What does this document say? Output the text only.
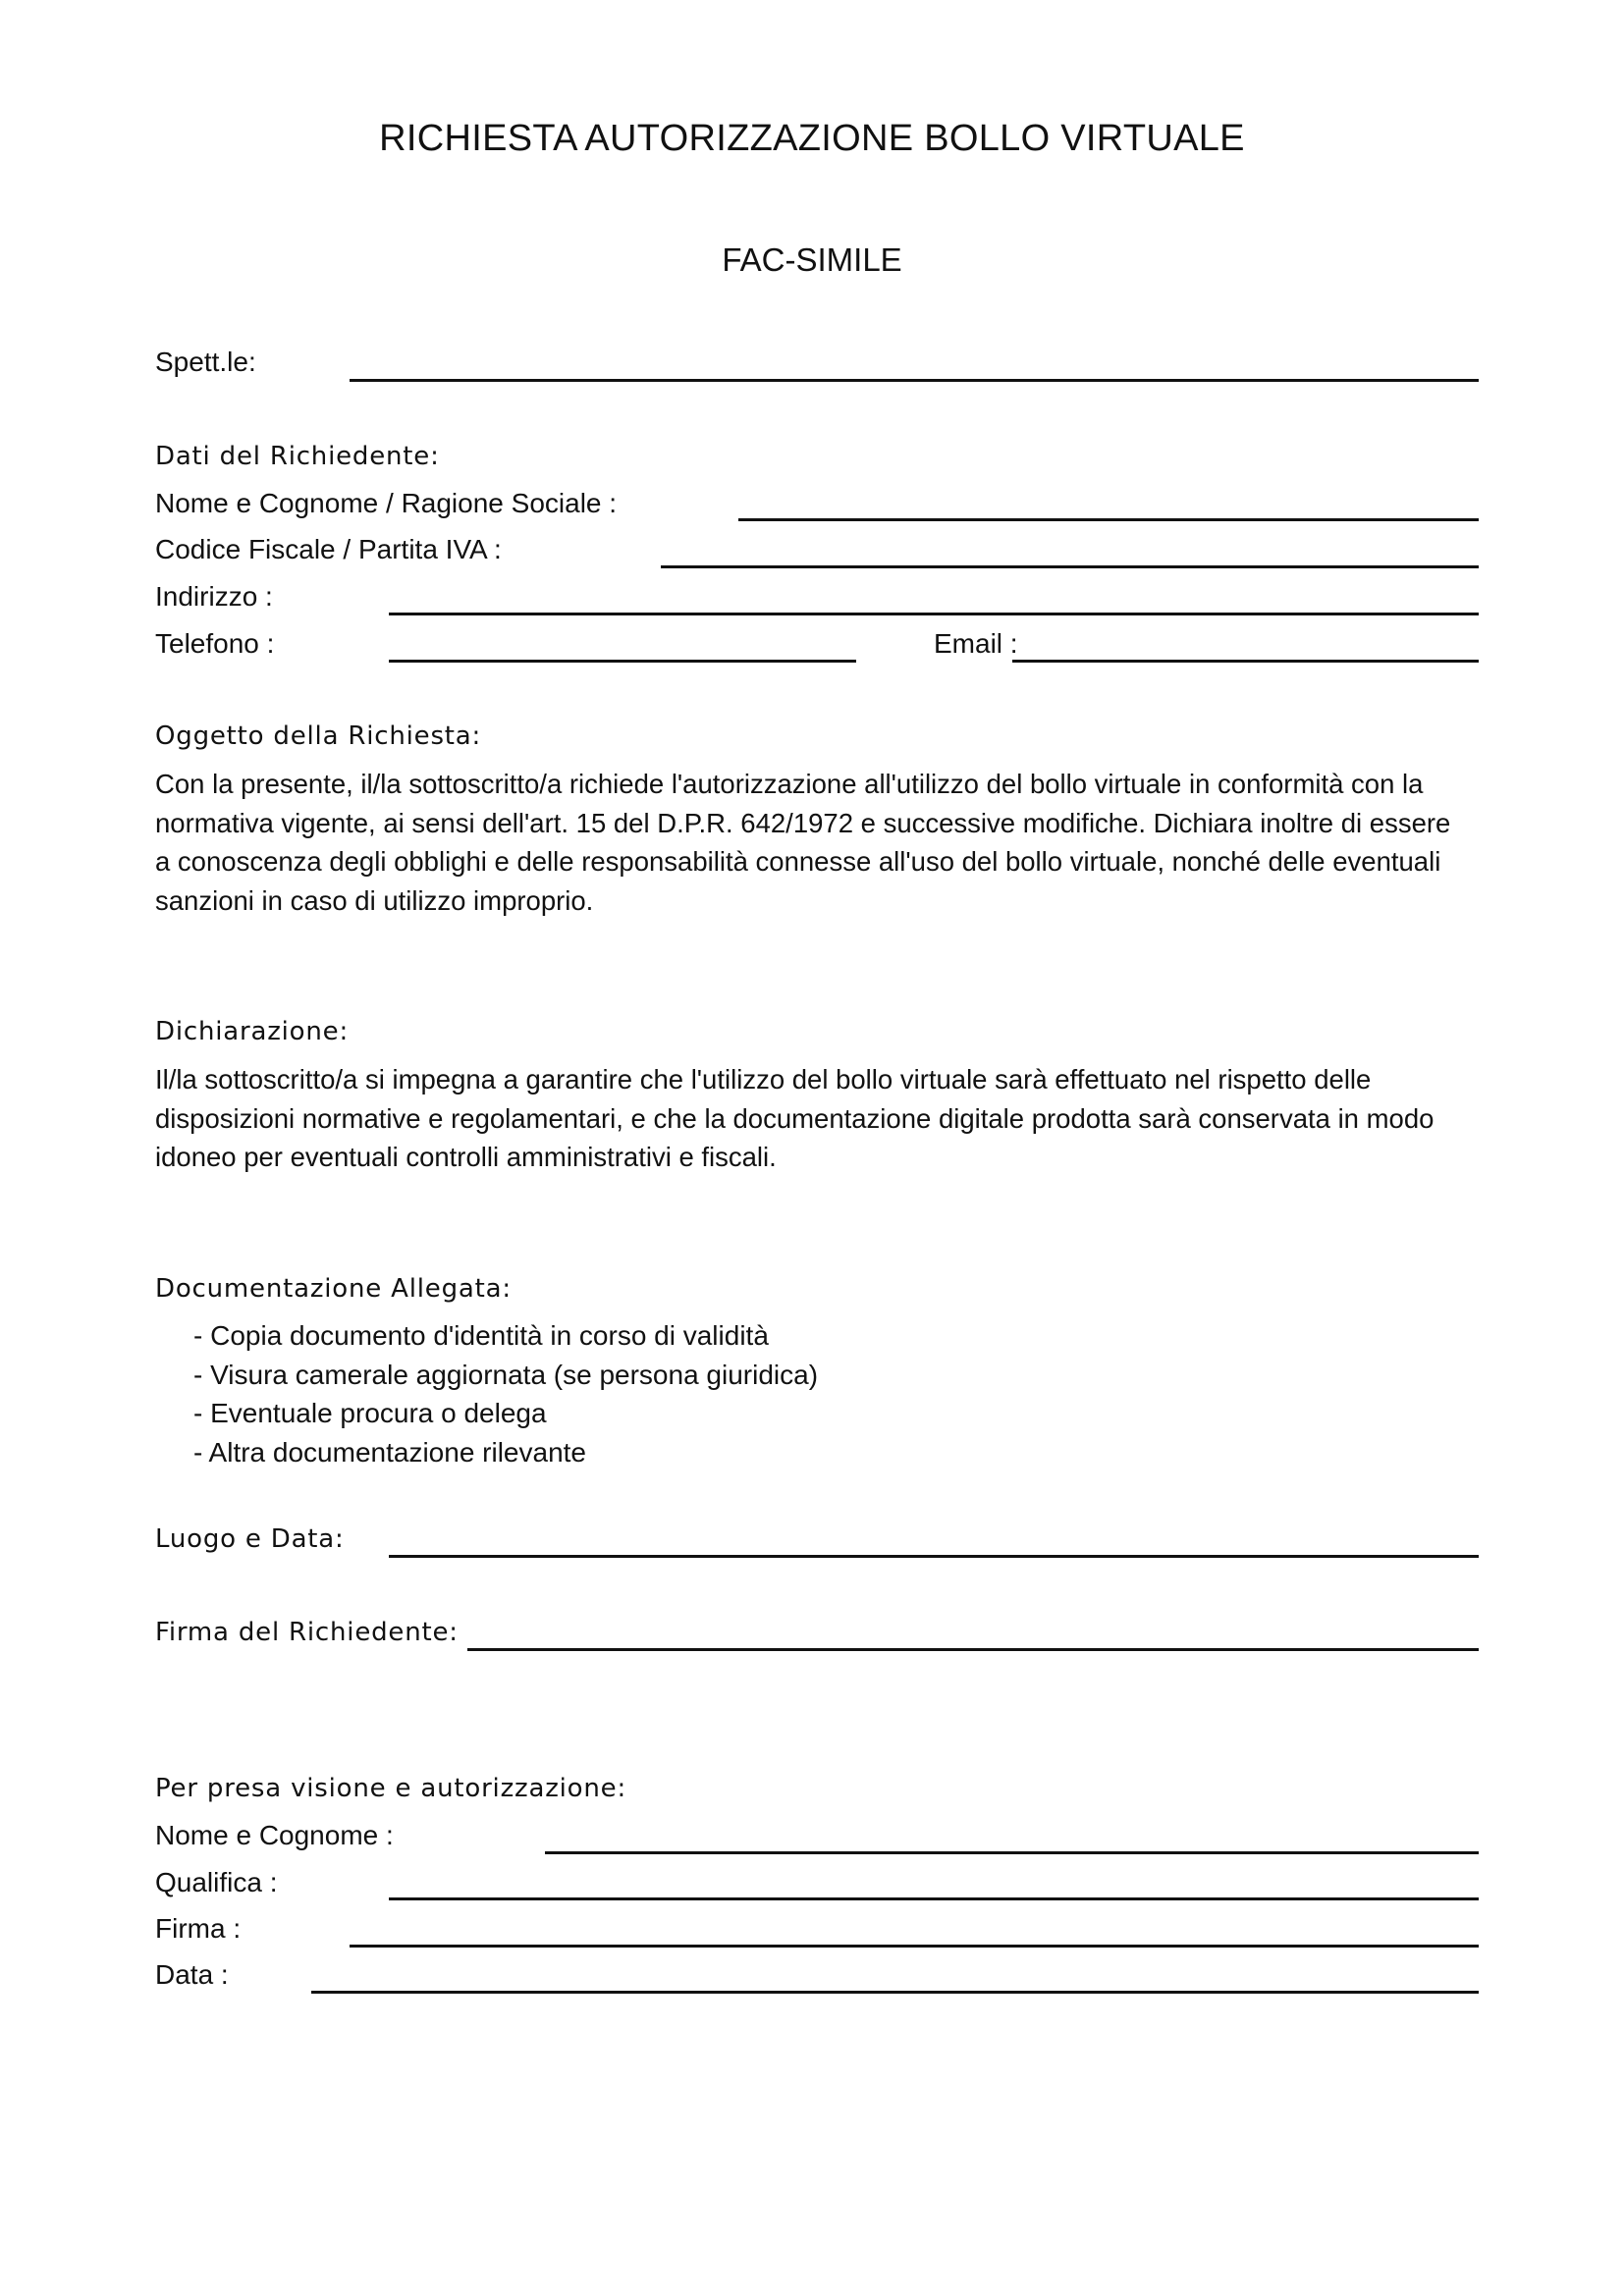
RICHIESTA AUTORIZZAZIONE BOLLO VIRTUALE
FAC-SIMILE
Spett.le:
Dati del Richiedente:
Nome e Cognome / Ragione Sociale :
Codice Fiscale / Partita IVA :
Indirizzo :
Telefono :	Email :
Oggetto della Richiesta:

Con la presente, il/la sottoscritto/a richiede l'autorizzazione all'utilizzo del bollo virtuale in conformità con la

normativa vigente, ai sensi dell'art. 15 del D.P.R. 642/1972 e successive modifiche. Dichiara inoltre di essere

a conoscenza degli obblighi e delle responsabilità connesse all'uso del bollo virtuale, nonché delle eventuali

sanzioni in caso di utilizzo improprio.

Dichiarazione:

Il/la sottoscritto/a si impegna a garantire che l'utilizzo del bollo virtuale sarà effettuato nel rispetto delle

disposizioni normative e regolamentari, e che la documentazione digitale prodotta sarà conservata in modo

idoneo per eventuali controlli amministrativi e fiscali.

Documentazione Allegata:
- Copia documento d'identità in corso di validità
- Visura camerale aggiornata (se persona giuridica)
- Eventuale procura o delega
- Altra documentazione rilevante
Luogo e Data:
Firma del Richiedente:
Per presa visione e autorizzazione:
Nome e Cognome :
Qualifica :
Firma :
Data :
